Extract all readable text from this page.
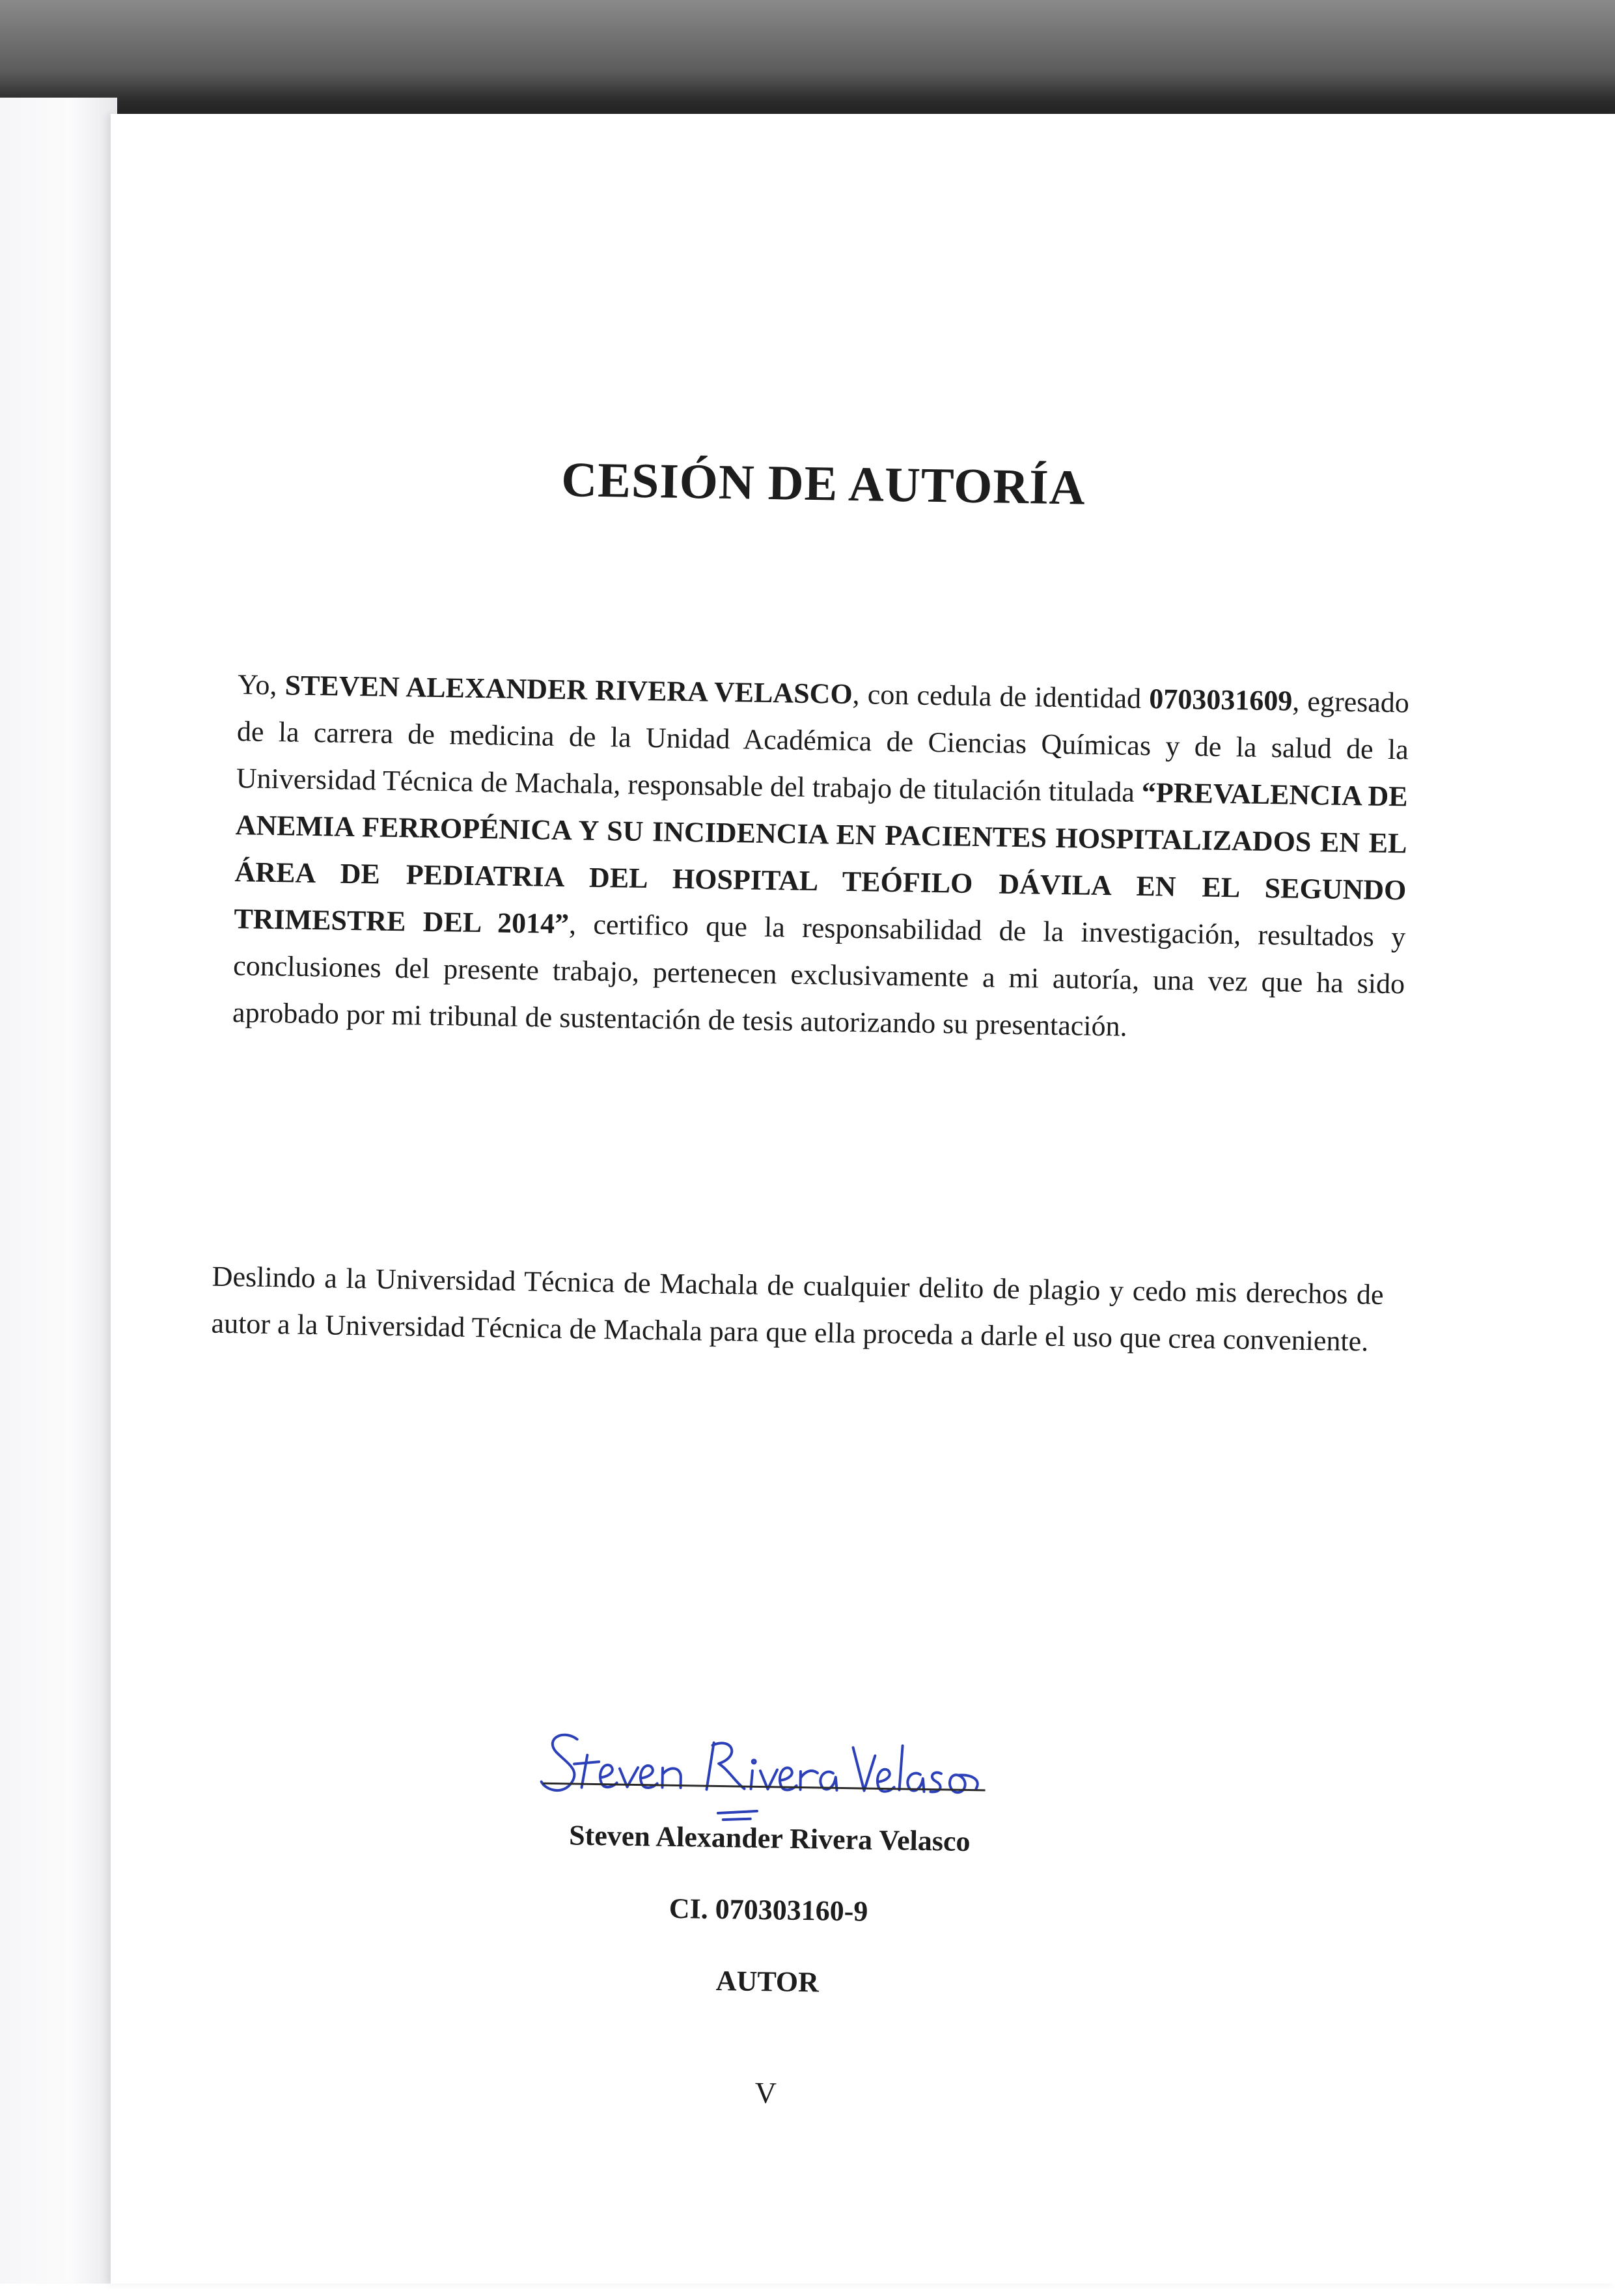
CESIÓN DE AUTORÍA
Yo, STEVEN ALEXANDER RIVERA VELASCO, con cedula de identidad 0703031609, egresado de la carrera de medicina de la Unidad Académica de Ciencias Químicas y de la salud de la Universidad Técnica de Machala, responsable del trabajo de titulación titulada “PREVALENCIA DE ANEMIA FERROPÉNICA Y SU INCIDENCIA EN PACIENTES HOSPITALIZADOS EN EL ÁREA DE PEDIATRIA DEL HOSPITAL TEÓFILO DÁVILA EN EL SEGUNDO TRIMESTRE DEL 2014”, certifico que la responsabilidad de la investigación, resultados y conclusiones del presente trabajo, pertenecen exclusivamente a mi autoría, una vez que ha sido aprobado por mi tribunal de sustentación de tesis autorizando su presentación.
Deslindo a la Universidad Técnica de Machala de cualquier delito de plagio y cedo mis derechos de autor a la Universidad Técnica de Machala para que ella proceda a darle el uso que crea conveniente.
Steven Alexander Rivera Velasco
CI. 070303160-9
AUTOR
V
